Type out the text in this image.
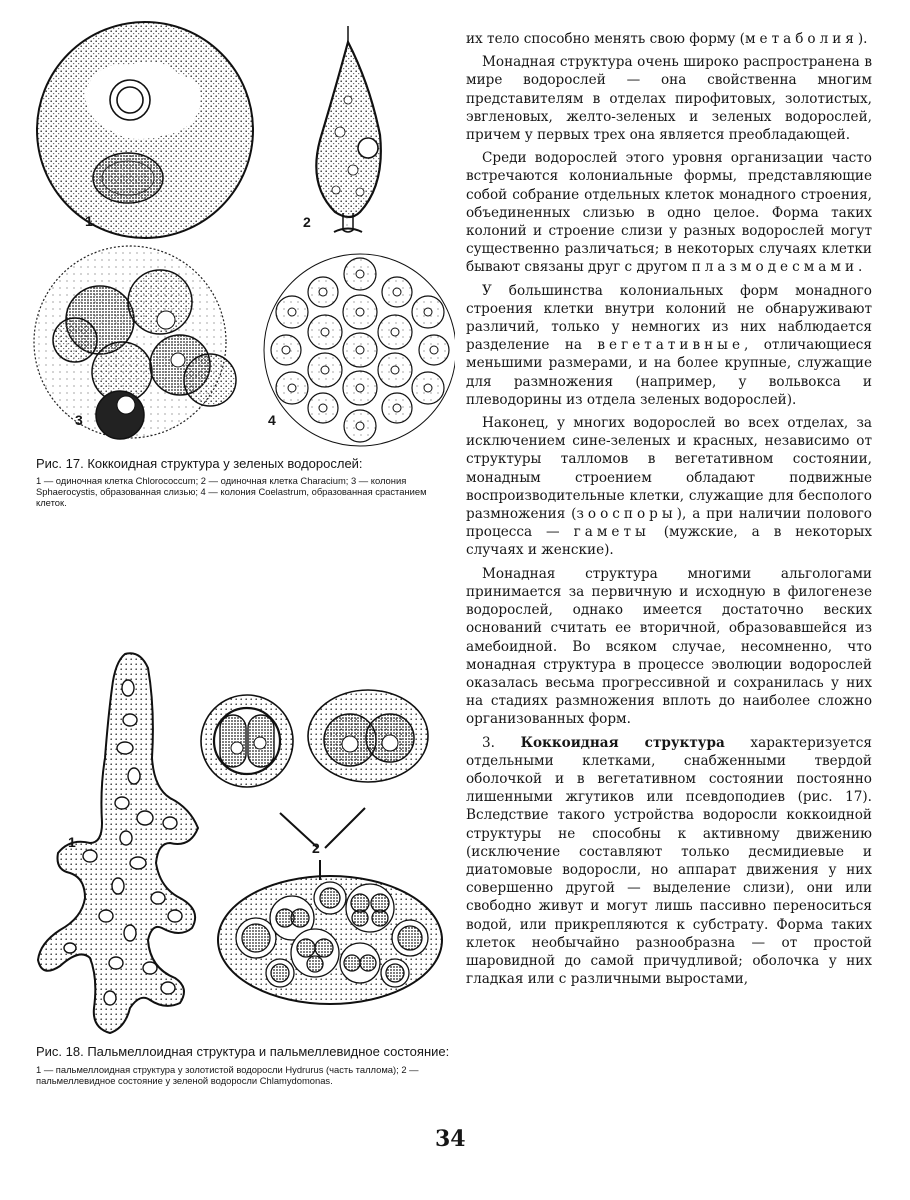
1	2
3	4
Рис. 17. Коккоидная структура у зеленых водорослей:
1 — одиночная клетка Chlorococcum; 2 — одиночная клетка Characium; 3 — колония Sphaerocystis, образованная слизью; 4 — колония Coelastrum, образованная срастанием клеток.
1	2
Рис. 18. Пальмеллоидная структура и пальмеллевидное состояние:
1 — пальмеллоидная структура у золотистой водоросли Hydrurus (часть таллома); 2 — пальмеллевидное состояние у зеленой водоросли Chlamydomonas.

их тело способно менять свою форму (метаболия).

Монадная структура очень широко распространена в мире водорослей — она свойственна многим представителям в отделах пирофитовых, золотистых, эвгленовых, желто-зеленых и зеленых водорослей, причем у первых трех она является преобладающей.

Среди водорослей этого уровня организации часто встречаются колониальные формы, представляющие собой собрание отдельных клеток монадного строения, объединенных слизью в одно целое. Форма таких колоний и строение слизи у разных водорослей могут существенно различаться; в некоторых случаях клетки бывают связаны друг с другом плазмодесмами.

У большинства колониальных форм монадного строения клетки внутри колоний не обнаруживают различий, только у немногих из них наблюдается разделение на вегетативные, отличающиеся меньшими размерами, и на более крупные, служащие для размножения (например, у вольвокса и плеводорины из отдела зеленых водорослей).

Наконец, у многих водорослей во всех отделах, за исключением сине-зеленых и красных, независимо от структуры талломов в вегетативном состоянии, монадным строением обладают подвижные воспроизводительные клетки, служащие для бесполого размножения (зооспоры), а при наличии полового процесса — гаметы (мужские, а в некоторых случаях и женские).

Монадная структура многими альгологами принимается за первичную и исходную в филогенезе водорослей, однако имеется достаточно веских оснований считать ее вторичной, образовавшейся из амебоидной. Во всяком случае, несомненно, что монадная структура в процессе эволюции водорослей оказалась весьма прогрессивной и сохранилась у них на стадиях размножения вплоть до наиболее сложно организованных форм.

3. Коккоидная структура характеризуется отдельными клетками, снабженными твердой оболочкой и в вегетативном состоянии постоянно лишенными жгутиков или псевдоподиев (рис. 17). Вследствие такого устройства водоросли коккоидной структуры не способны к активному движению (исключение составляют только десмидиевые и диатомовые водоросли, но аппарат движения у них совершенно другой — выделение слизи), они или свободно живут и могут лишь пассивно переноситься водой, или прикрепляются к субстрату. Форма таких клеток необычайно разнообразна — от простой шаровидной до самой причудливой; оболочка у них гладкая или с различными выростами,

34
